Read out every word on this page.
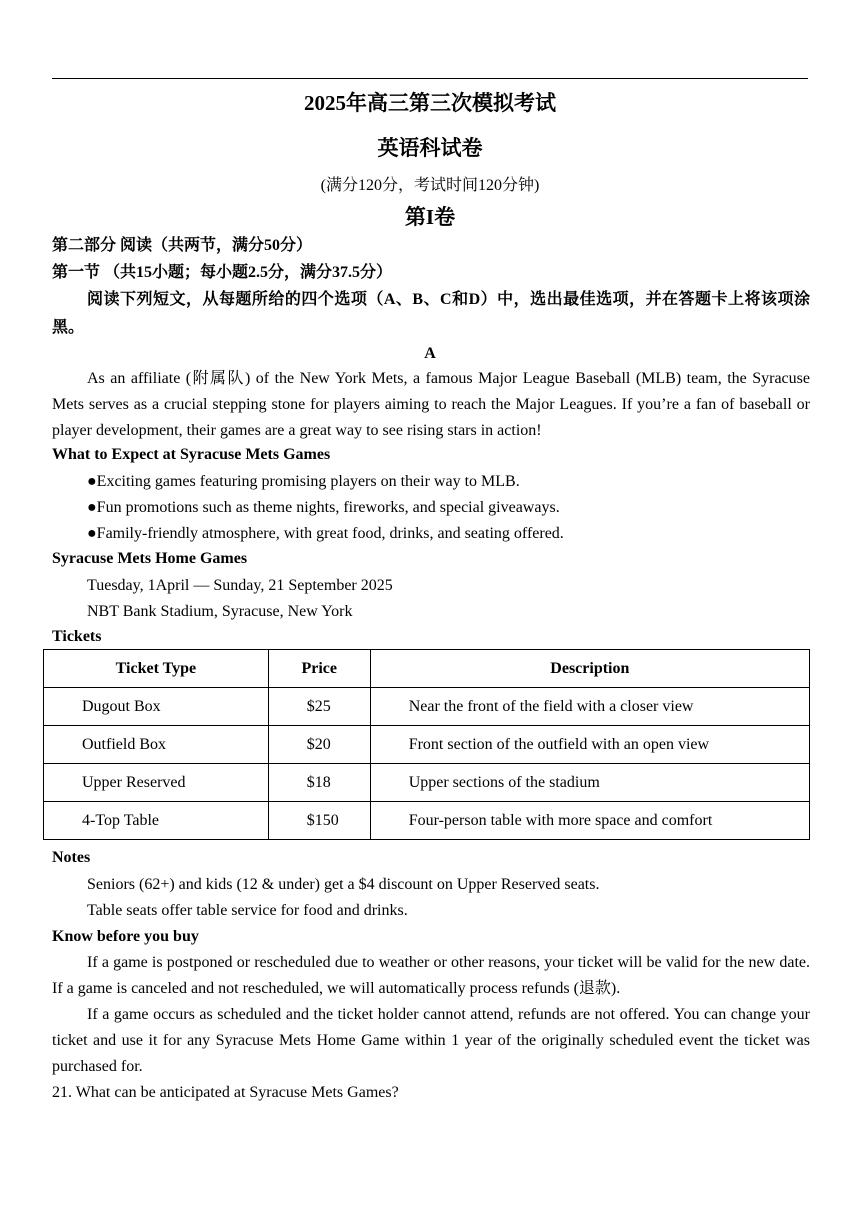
2025年高三第三次模拟考试
英语科试卷
(满分120分，考试时间120分钟)
第I卷
第二部分 阅读（共两节，满分50分）
第一节 （共15小题；每小题2.5分，满分37.5分）
阅读下列短文，从每题所给的四个选项（A、B、C和D）中，选出最佳选项，并在答题卡上将该项涂黑。
A
As an affiliate (附属队) of the New York Mets, a famous Major League Baseball (MLB) team, the Syracuse Mets serves as a crucial stepping stone for players aiming to reach the Major Leagues. If you’re a fan of baseball or player development, their games are a great way to see rising stars in action!
What to Expect at Syracuse Mets Games
●Exciting games featuring promising players on their way to MLB.
●Fun promotions such as theme nights, fireworks, and special giveaways.
●Family-friendly atmosphere, with great food, drinks, and seating offered.
Syracuse Mets Home Games
Tuesday, 1April — Sunday, 21 September 2025
NBT Bank Stadium, Syracuse, New York
Tickets
Ticket Type	Price	Description
Dugout Box	$25	Near the front of the field with a closer view
Outfield Box	$20	Front section of the outfield with an open view
Upper Reserved	$18	Upper sections of the stadium
4-Top Table	$150	Four-person table with more space and comfort
Notes
Seniors (62+) and kids (12 & under) get a $4 discount on Upper Reserved seats.
Table seats offer table service for food and drinks.
Know before you buy
If a game is postponed or rescheduled due to weather or other reasons, your ticket will be valid for the new date. If a game is canceled and not rescheduled, we will automatically process refunds (退款).
If a game occurs as scheduled and the ticket holder cannot attend, refunds are not offered. You can change your ticket and use it for any Syracuse Mets Home Game within 1 year of the originally scheduled event the ticket was purchased for.
21. What can be anticipated at Syracuse Mets Games?
